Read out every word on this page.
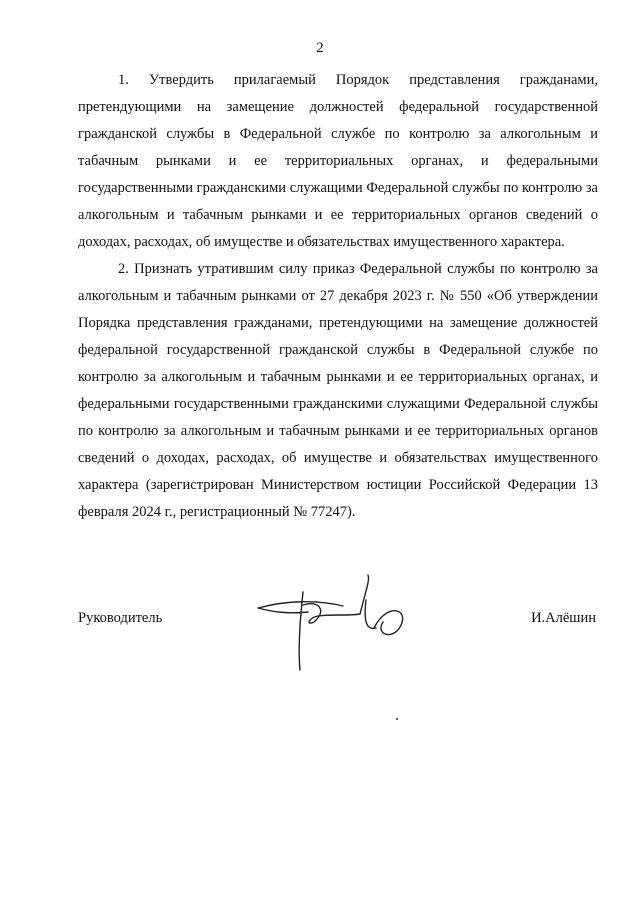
2

1. Утвердить прилагаемый Порядок представления гражданами, претендующими на замещение должностей федеральной государственной гражданской службы в Федеральной службе по контролю за алкогольным и табачным рынками и ее территориальных органах, и федеральными государственными гражданскими служащими Федеральной службы по контролю за алкогольным и табачным рынками и ее территориальных органов сведений о доходах, расходах, об имуществе и обязательствах имущественного характера.

2. Признать утратившим силу приказ Федеральной службы по контролю за алкогольным и табачным рынками от 27 декабря 2023 г. № 550 «Об утверждении Порядка представления гражданами, претендующими на замещение должностей федеральной государственной гражданской службы в Федеральной службе по контролю за алкогольным и табачным рынками и ее территориальных органах, и федеральными государственными гражданскими служащими Федеральной службы по контролю за алкогольным и табачным рынками и ее территориальных органов сведений о доходах, расходах, об имуществе и обязательствах имущественного характера (зарегистрирован Министерством юстиции Российской Федерации 13 февраля 2024 г., регистрационный № 77247).

Руководитель	И.Алёшин
